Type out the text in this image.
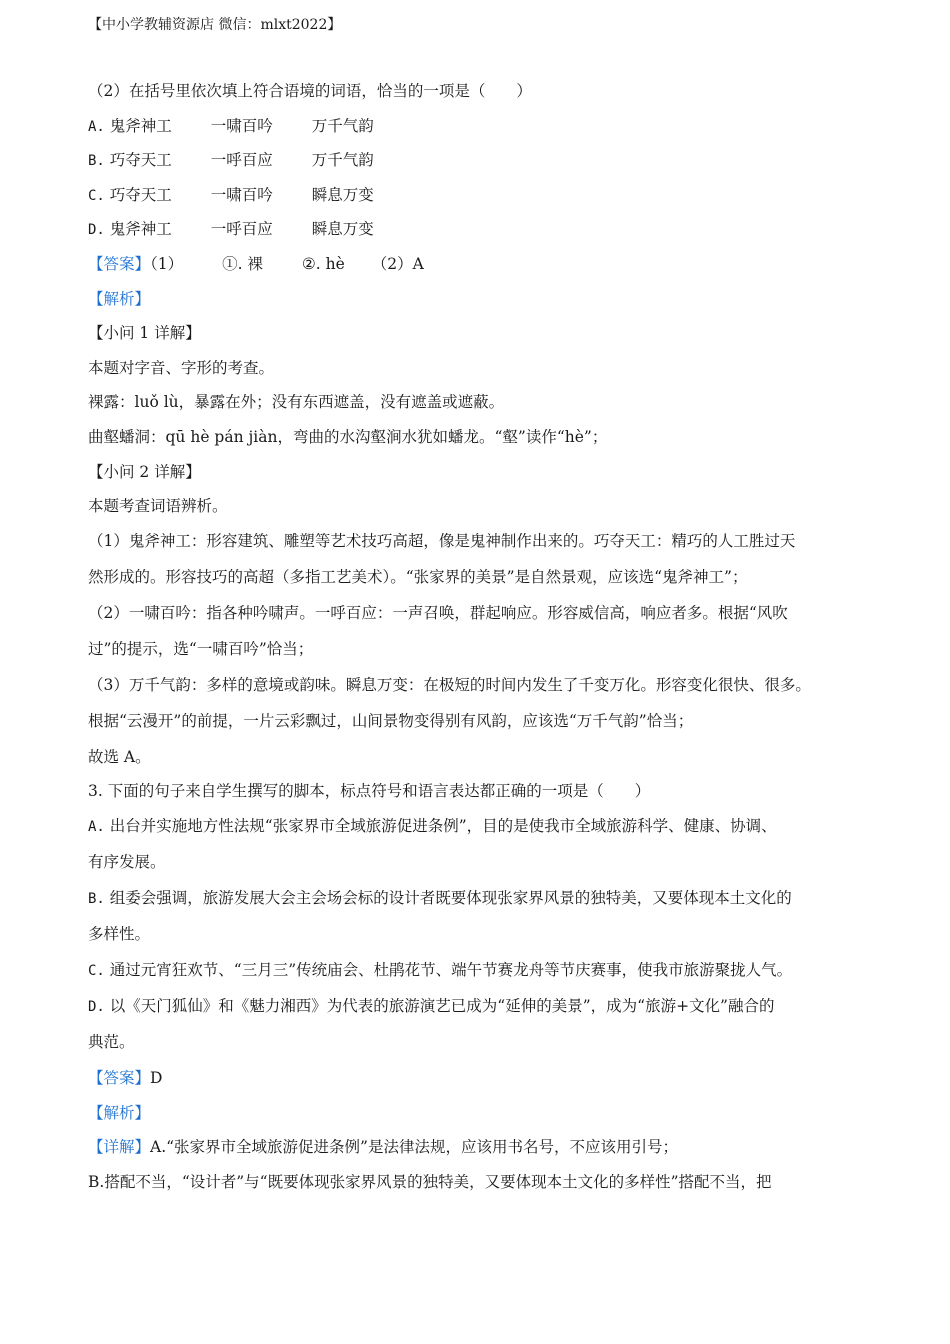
【中小学教辅资源店 微信：mlxt2022】
（2）在括号里依次填上符合语境的词语，恰当的一项是（　　）
A. 鬼斧神工	一啸百吟	万千气韵
B. 巧夺天工	一呼百应	万千气韵
C. 巧夺天工	一啸百吟	瞬息万变
D. 鬼斧神工	一呼百应	瞬息万变
【答案】（1）	①. 裸	②. hè （2）A
【解析】
【小问 1 详解】
本题对字音、字形的考查。
裸露：luǒ lù，暴露在外；没有东西遮盖，没有遮盖或遮蔽。
曲壑蟠洞：qū hè pán jiàn，弯曲的水沟壑涧水犹如蟠龙。“壑”读作“hè”；
【小问 2 详解】
本题考查词语辨析。
（1）鬼斧神工：形容建筑、雕塑等艺术技巧高超，像是鬼神制作出来的。巧夺天工：精巧的人工胜过天
然形成的。形容技巧的高超（多指工艺美术）。“张家界的美景”是自然景观，应该选“鬼斧神工”；
（2）一啸百吟：指各种吟啸声。一呼百应：一声召唤，群起响应。形容威信高，响应者多。根据“风吹
过”的提示，选“一啸百吟”恰当；
（3）万千气韵：多样的意境或韵味。瞬息万变：在极短的时间内发生了千变万化。形容变化很快、很多。
根据“云漫开”的前提，一片云彩飘过，山间景物变得别有风韵，应该选“万千气韵”恰当；
故选 A。
3. 下面的句子来自学生撰写的脚本，标点符号和语言表达都正确的一项是（　　）
A. 出台并实施地方性法规“张家界市全域旅游促进条例”，目的是使我市全域旅游科学、健康、协调、
有序发展。
B. 组委会强调，旅游发展大会主会场会标的设计者既要体现张家界风景的独特美，又要体现本土文化的
多样性。
C. 通过元宵狂欢节、“三月三”传统庙会、杜鹃花节、端午节赛龙舟等节庆赛事，使我市旅游聚拢人气。
D. 以《天门狐仙》和《魅力湘西》为代表的旅游演艺已成为“延伸的美景”，成为“旅游+文化”融合的
典范。
【答案】D
【解析】
【详解】A.“张家界市全域旅游促进条例”是法律法规，应该用书名号，不应该用引号；
B.搭配不当，“设计者”与“既要体现张家界风景的独特美，又要体现本土文化的多样性”搭配不当，把
